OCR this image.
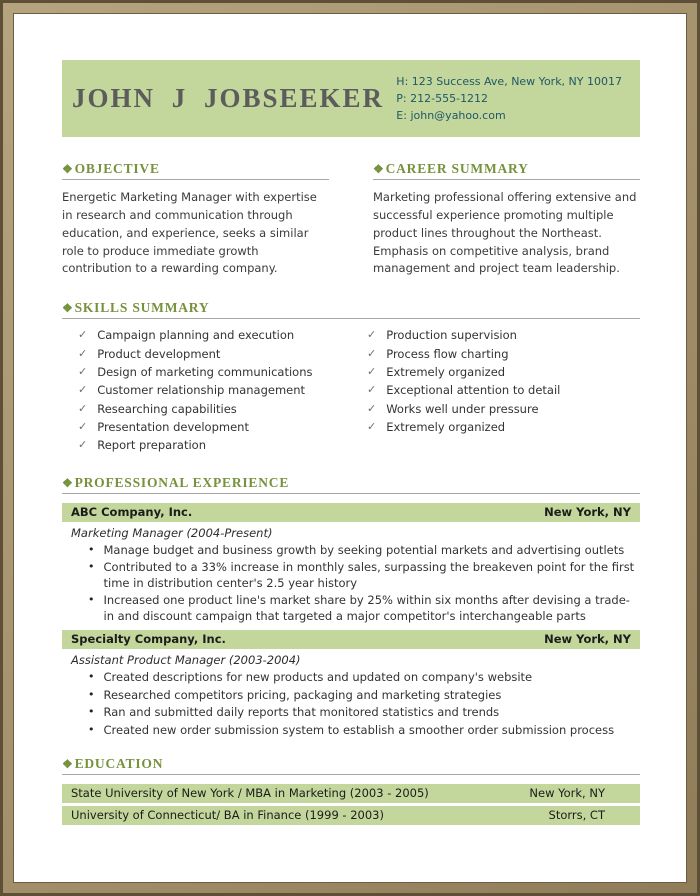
JOHN J JOBSEEKER
H: 123 Success Ave, New York, NY 10017
P: 212-555-1212
E: john@yahoo.com
❖OBJECTIVE

Energetic Marketing Manager with expertise in research and communication through education, and experience, seeks a similar role to produce immediate growth contribution to a rewarding company.

❖CAREER SUMMARY

Marketing professional offering extensive and successful experience promoting multiple product lines throughout the Northeast. Emphasis on competitive analysis, brand management and project team leadership.

❖SKILLS SUMMARY
✓ Campaign planning and execution
✓ Product development
✓ Design of marketing communications
✓ Customer relationship management
✓ Researching capabilities
✓ Presentation development
✓ Report preparation
✓ Production supervision
✓ Process flow charting
✓ Extremely organized
✓ Exceptional attention to detail
✓ Works well under pressure
✓ Extremely organized
❖PROFESSIONAL EXPERIENCE
ABC Company, Inc.	New York, NY
Marketing Manager (2004-Present)
• Manage budget and business growth by seeking potential markets and advertising outlets
• Contributed to a 33% increase in monthly sales, surpassing the breakeven point for the first time in distribution center's 2.5 year history
• Increased one product line's market share by 25% within six months after devising a trade-in and discount campaign that targeted a major competitor's interchangeable parts
Specialty Company, Inc.	New York, NY
Assistant Product Manager (2003-2004)
• Created descriptions for new products and updated on company's website
• Researched competitors pricing, packaging and marketing strategies
• Ran and submitted daily reports that monitored statistics and trends
• Created new order submission system to establish a smoother order submission process
❖EDUCATION
State University of New York / MBA in Marketing (2003 - 2005)	New York, NY
University of Connecticut/ BA in Finance (1999 - 2003)	Storrs, CT
